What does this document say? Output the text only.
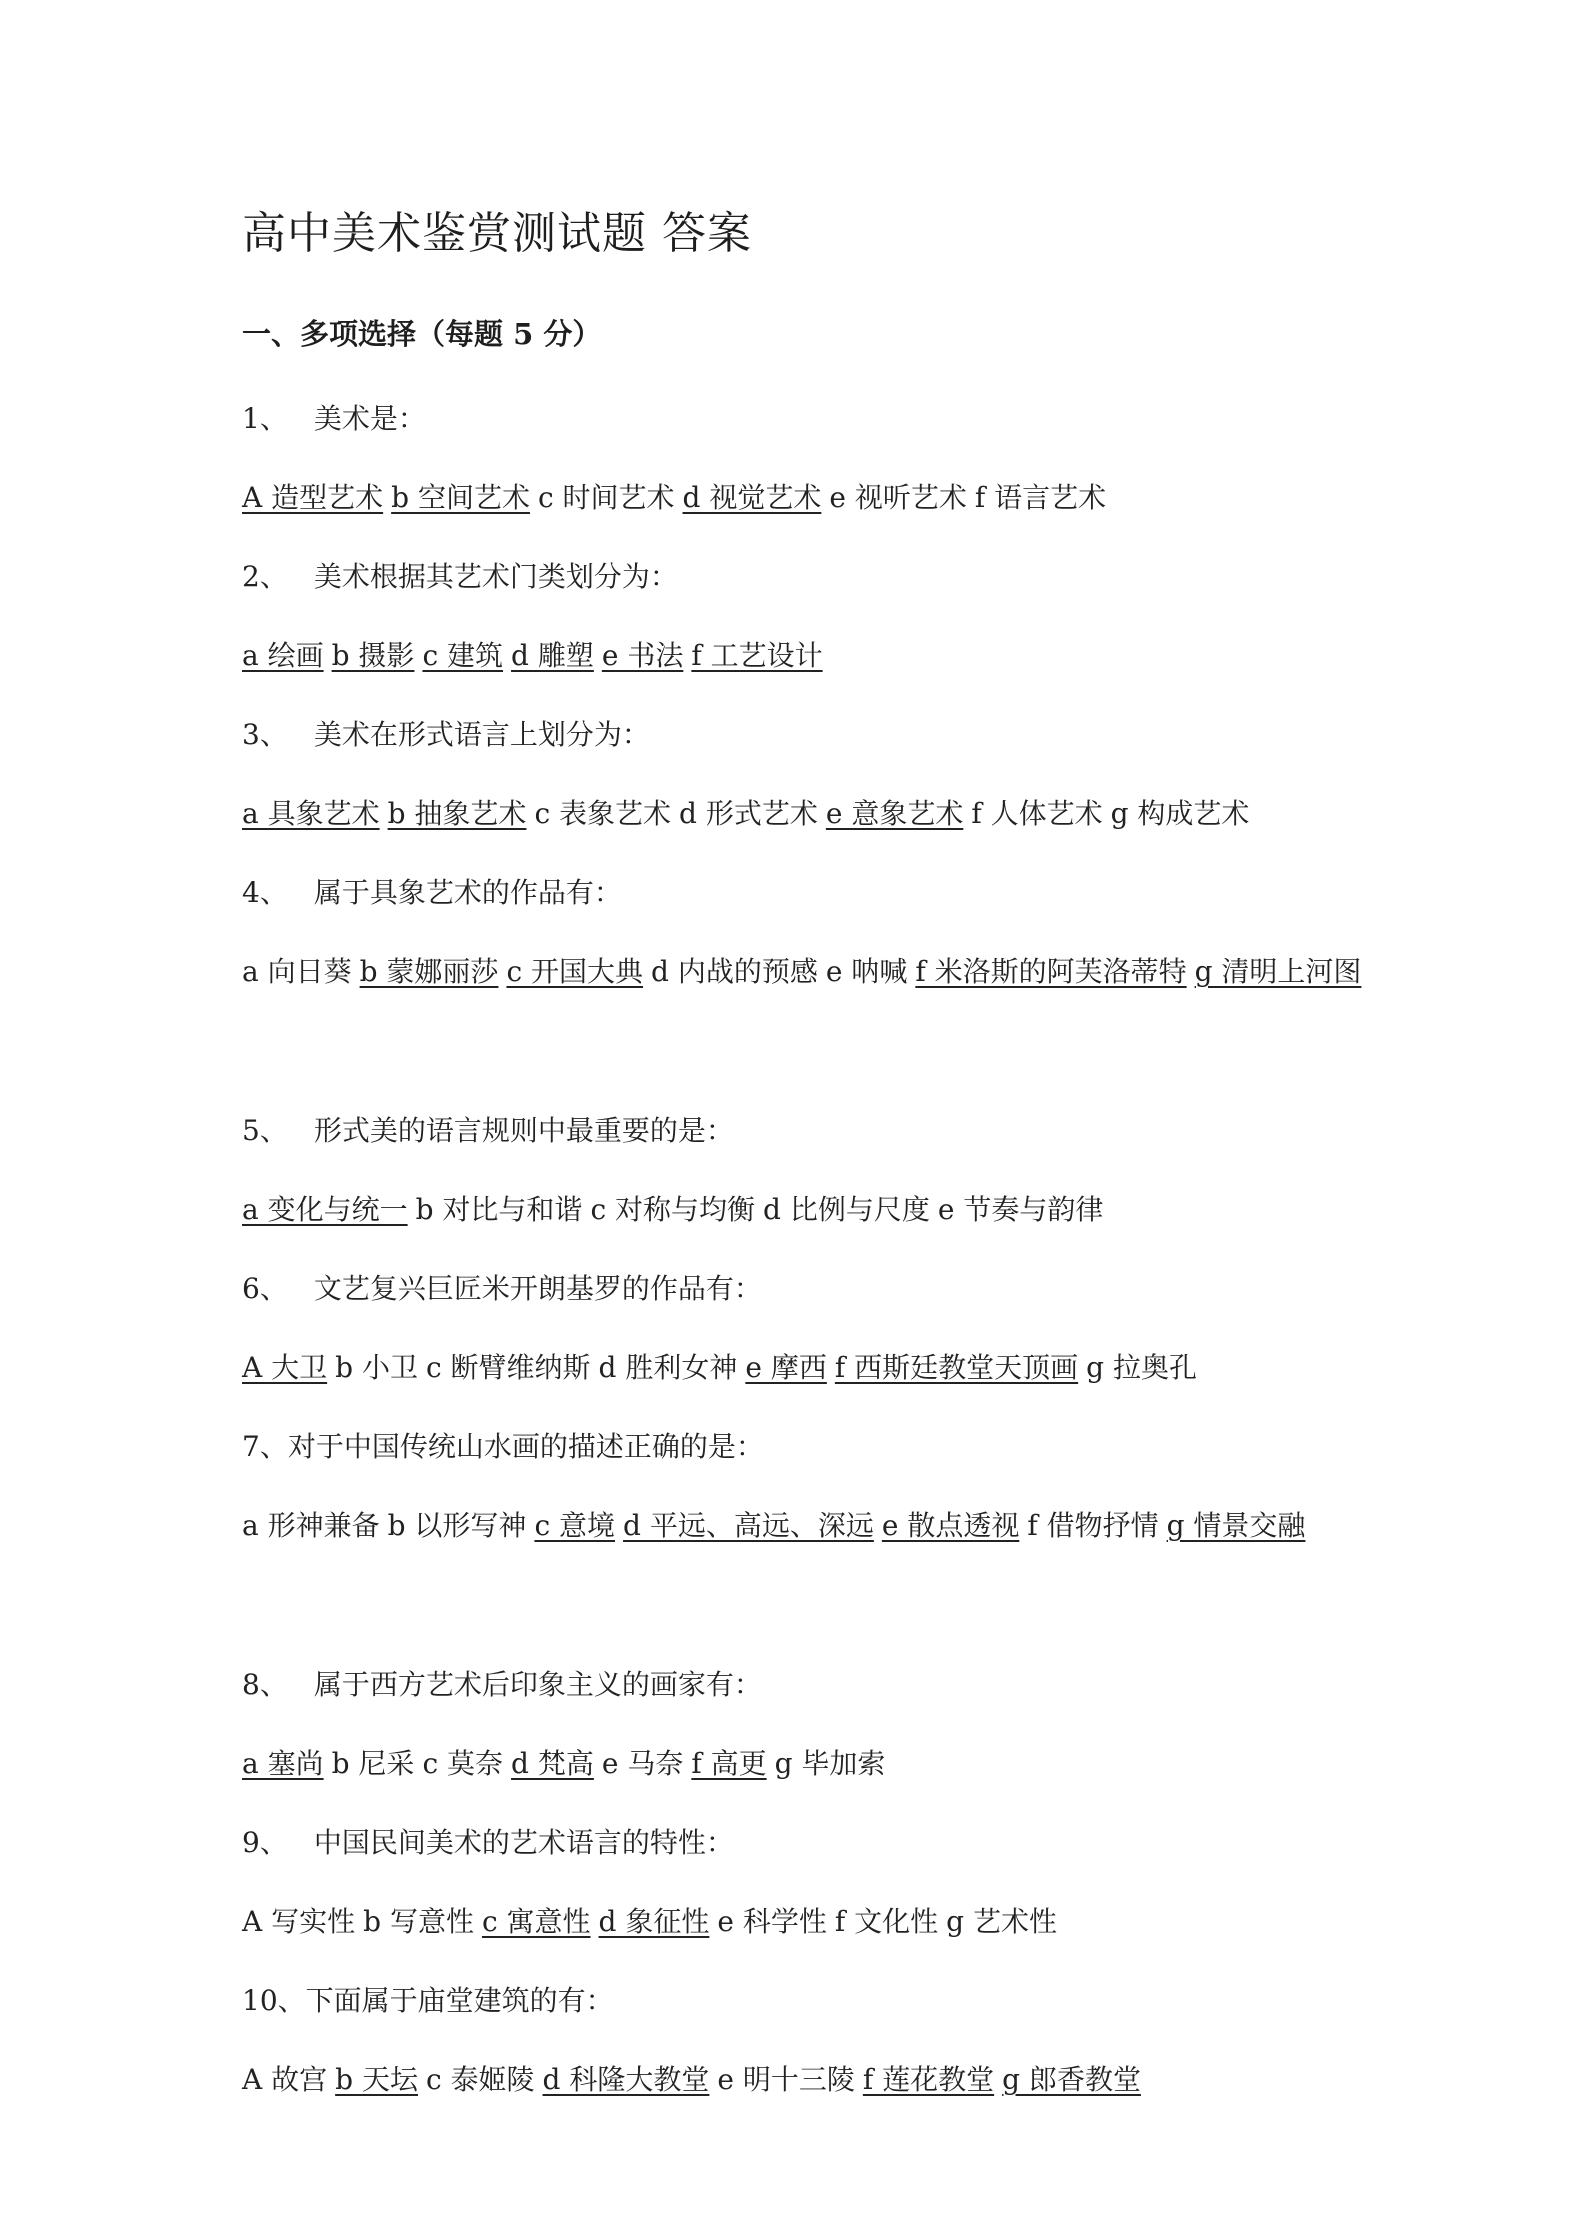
高中美术鉴赏测试题 答案
一、多项选择（每题 5 分）
1、 美术是：
A 造型艺术 b 空间艺术 c 时间艺术 d 视觉艺术 e 视听艺术 f 语言艺术
2、 美术根据其艺术门类划分为：
a 绘画 b 摄影 c 建筑 d 雕塑 e 书法 f 工艺设计
3、 美术在形式语言上划分为：
a 具象艺术 b 抽象艺术 c 表象艺术 d 形式艺术 e 意象艺术 f 人体艺术 g 构成艺术
4、 属于具象艺术的作品有：
a 向日葵 b 蒙娜丽莎 c 开国大典 d 内战的预感 e 呐喊 f 米洛斯的阿芙洛蒂特 g 清明上河图
5、 形式美的语言规则中最重要的是：
a 变化与统一 b 对比与和谐 c 对称与均衡 d 比例与尺度 e 节奏与韵律
6、 文艺复兴巨匠米开朗基罗的作品有：
A 大卫 b 小卫 c 断臂维纳斯 d 胜利女神 e 摩西 f 西斯廷教堂天顶画 g 拉奥孔
7、对于中国传统山水画的描述正确的是：
a 形神兼备 b 以形写神 c 意境 d 平远、高远、深远 e 散点透视 f 借物抒情 g 情景交融
8、 属于西方艺术后印象主义的画家有：
a 塞尚 b 尼采 c 莫奈 d 梵高 e 马奈 f 高更 g 毕加索
9、 中国民间美术的艺术语言的特性：
A 写实性 b 写意性 c 寓意性 d 象征性 e 科学性 f 文化性 g 艺术性
10、下面属于庙堂建筑的有：
A 故宫 b 天坛 c 泰姬陵 d 科隆大教堂 e 明十三陵 f 莲花教堂 g 郎香教堂
